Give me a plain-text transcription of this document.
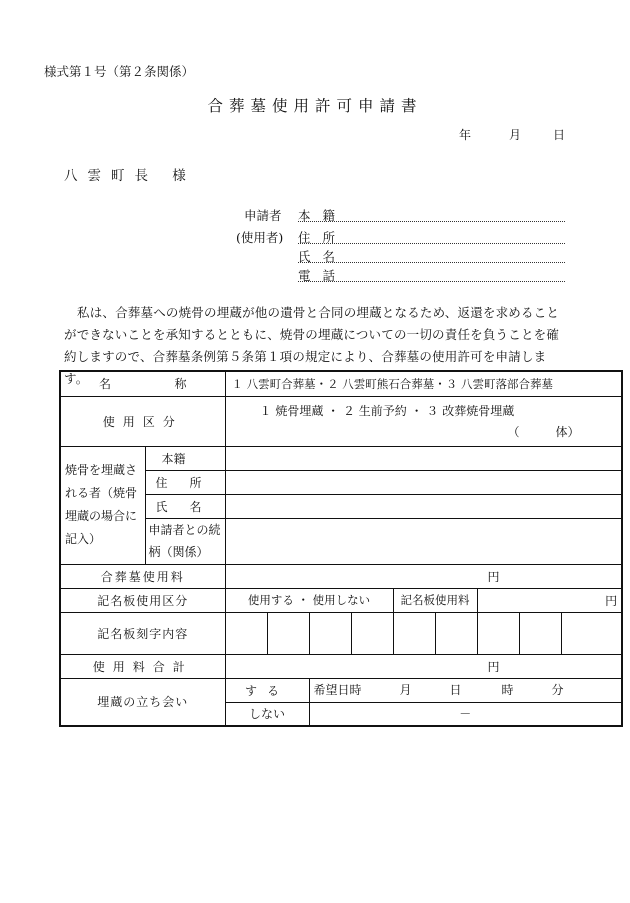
様式第１号（第２条関係）
合葬墓使用許可申請書
年	月	日
八雲町長 様
申請者
(使用者)
本籍
住所
氏名
電話
私は、合葬墓への焼骨の埋蔵が他の遺骨と合同の埋蔵となるため、返還を求めることができないことを承知するとともに、焼骨の埋蔵についての一切の責任を負うことを確約しますので、合葬墓条例第５条第１項の規定により、合葬墓の使用許可を申請します。 名 称		１ 八雲町合葬墓・２ 八雲町熊石合葬墓・３ 八雲町落部合葬墓								
使用区分		１ 焼骨埋蔵 ・ ２ 生前予約 ・ ３ 改葬焼骨埋蔵
（ 体）								

焼骨を埋蔵される者（焼骨埋蔵の場合に記入）	本籍									

	住所									
	氏名									
	申請者との続柄（関係）									
合葬墓使用料		円								
記名板使用区分		使用する ・ 使用しない				記名板使用料		円		
記名板刻字内容										
使用料合計		円								
埋蔵の立ち会い		する		希望日時 月 日 時 分						

		しない		－						
